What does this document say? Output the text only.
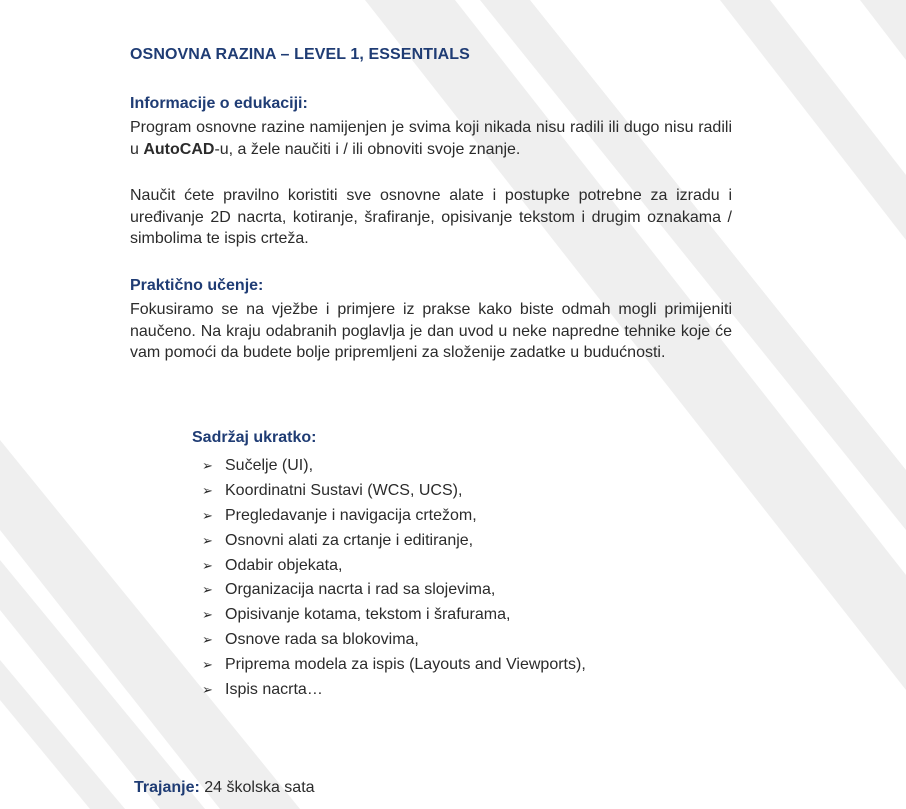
OSNOVNA RAZINA – LEVEL 1, ESSENTIALS
Informacije o edukaciji:
Program osnovne razine namijenjen je svima koji nikada nisu radili ili dugo nisu radili u AutoCAD-u, a žele naučiti i / ili obnoviti svoje znanje.
Naučit ćete pravilno koristiti sve osnovne alate i postupke potrebne za izradu i uređivanje 2D nacrta, kotiranje, šrafiranje, opisivanje tekstom i drugim oznakama / simbolima te ispis crteža.
Praktično učenje:
Fokusiramo se na vježbe i primjere iz prakse kako biste odmah mogli primijeniti naučeno. Na kraju odabranih poglavlja je dan uvod u neke napredne tehnike koje će vam pomoći da budete bolje pripremljeni za složenije zadatke u budućnosti.
Sadržaj ukratko:
➢ Sučelje (UI),
➢ Koordinatni Sustavi (WCS, UCS),
➢ Pregledavanje i navigacija crtežom,
➢ Osnovni alati za crtanje i editiranje,
➢ Odabir objekata,
➢ Organizacija nacrta i rad sa slojevima,
➢ Opisivanje kotama, tekstom i šrafurama,
➢ Osnove rada sa blokovima,
➢ Priprema modela za ispis (Layouts and Viewports),
➢ Ispis nacrta…
Trajanje: 24 školska sata
